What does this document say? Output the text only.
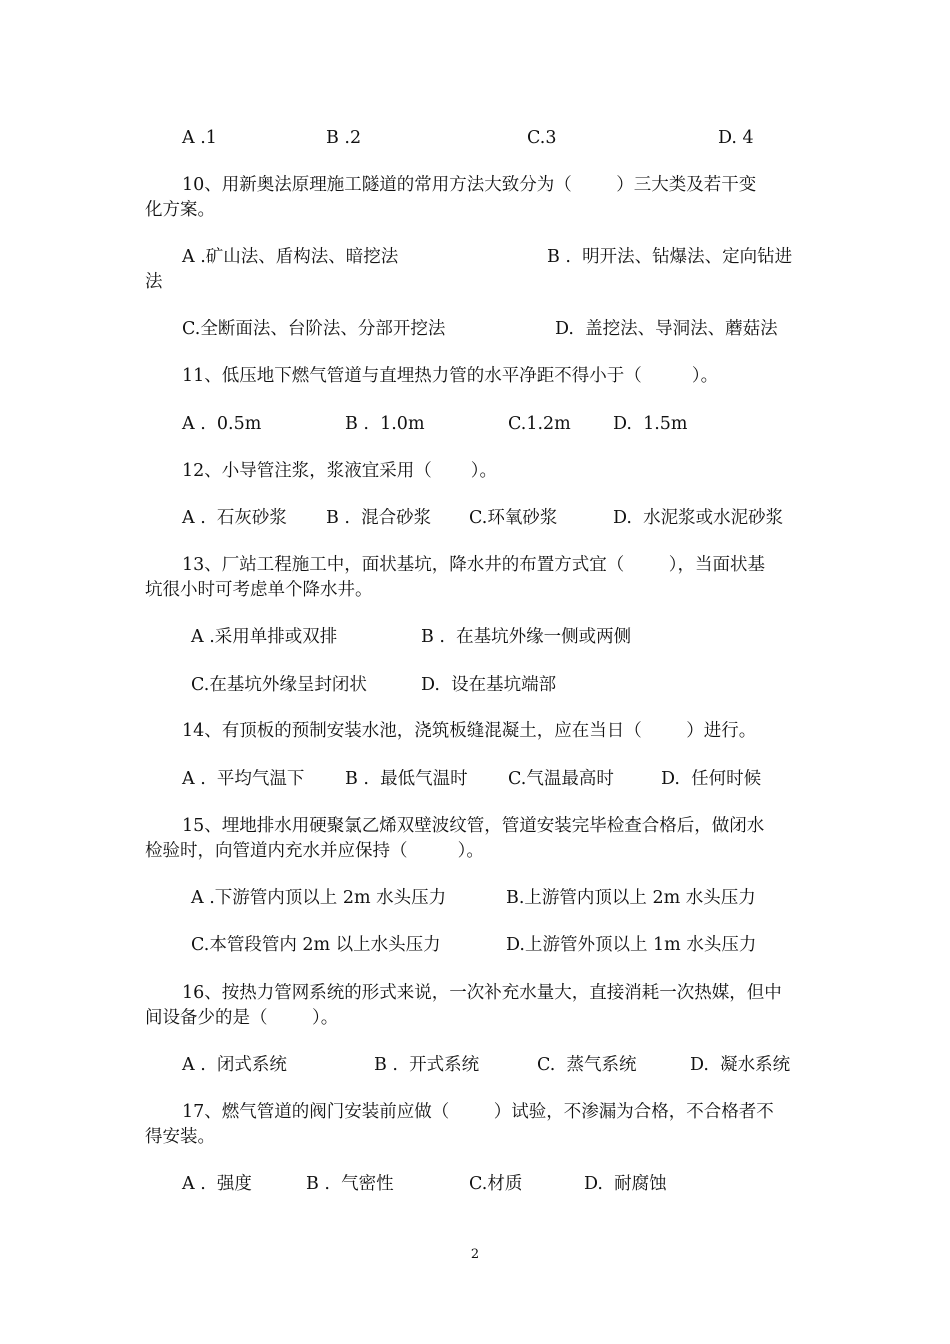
A .1	B .2	C.3	D. 4

10、用新奥法原理施工隧道的常用方法大致分为（        ）三大类及若干变

化方案。

A .矿山法、盾构法、暗挖法	B .  明开法、钻爆法、定向钻进

法

C.全断面法、台阶法、分部开挖法	D.  盖挖法、导洞法、蘑菇法

11、低压地下燃气管道与直埋热力管的水平净距不得小于（         ）。

A .  0.5m	B .  1.0m	C.1.2m D.  1.5m

12、小导管注浆，浆液宜采用（       ）。

A .  石灰砂浆 B .  混合砂浆 C.环氧砂浆	D.  水泥浆或水泥砂浆

13、厂站工程施工中，面状基坑，降水井的布置方式宜（        ），当面状基

坑很小时可考虑单个降水井。

A .采用单排或双排	B .  在基坑外缘一侧或两侧

C.在基坑外缘呈封闭状	D.  设在基坑端部

14、有顶板的预制安装水池，浇筑板缝混凝土，应在当日（        ）进行。

A .  平均气温下 B .  最低气温时 C.气温最高时	D.  任何时候

15、埋地排水用硬聚氯乙烯双壁波纹管，管道安装完毕检查合格后，做闭水

检验时，向管道内充水并应保持（         ）。

A .下游管内顶以上 2m 水头压力	B.上游管内顶以上 2m 水头压力

C.本管段管内 2m 以上水头压力	D.上游管外顶以上 1m 水头压力

16、按热力管网系统的形式来说，一次补充水量大，直接消耗一次热媒，但中

间设备少的是（        ）。

A .  闭式系统	B .  开式系统	C.  蒸气系统	D.  凝水系统

17、燃气管道的阀门安装前应做（        ）试验，不渗漏为合格，不合格者不

得安装。

A .  强度	B .  气密性	C.材质	D.  耐腐蚀

2
